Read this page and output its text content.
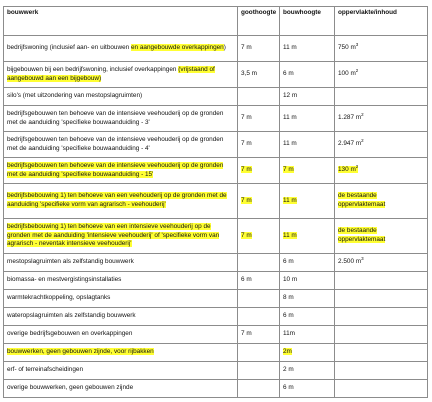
bouwwerk	goothoogte	bouwhoogte	oppervlakte/inhoud
bedrijfswoning (inclusief aan- en uitbouwen en aangebouwde overkappingen)	7 m	11 m	750 $m^3$
bijgebouwen bij een bedrijfswoning, inclusief overkappingen (vrijstaand of aangebouwd aan een bijgebouw)	3,5 m	6 m	100 $m^2$
silo's (met uitzondering van mestopslagruimten)		12 m	
bedrijfsgebouwen ten behoeve van de intensieve veehouderij op de gronden met de aanduiding 'specifieke bouwaanduiding - 3'	7 m	11 m	1.287 $m^2$
bedrijfsgebouwen ten behoeve van de intensieve veehouderij op de gronden met de aanduiding 'specifieke bouwaanduiding - 4'	7 m	11 m	2.947 $m^2$
bedrijfsgebouwen ten behoeve van de intensieve veehouderij op de gronden met de aanduiding 'specifieke bouwaanduiding - 15'	7 m	7 m	130 $m^2$
bedrijfsbebouwing 1) ten behoeve van een veehouderij op de gronden met de aanduiding 'specifieke vorm van agrarisch - veehouderij'	7 m	11 m	de bestaande oppervlaktemaat
bedrijfsbebouwing 1) ten behoeve van een intensieve veehouderij op de gronden met de aanduiding 'intensieve veehouderij' of 'specifieke vorm van agrarisch - neventak intensieve veehouderij'	7 m	11 m	de bestaande oppervlaktemaat
mestopslagruimten als zelfstandig bouwwerk		6 m	2.500 $m^3$
biomassa- en mestvergistingsinstallaties	6 m	10 m	
warmtekrachtkoppeling, opslagtanks		8 m	
wateropslagruimten als zelfstandig bouwwerk		6 m	
overige bedrijfsgebouwen en overkappingen	7 m	11m	
bouwwerken, geen gebouwen zijnde, voor rijbakken		2m	
erf- of terreinafscheidingen		2 m	
overige bouwwerken, geen gebouwen zijnde		6 m	
